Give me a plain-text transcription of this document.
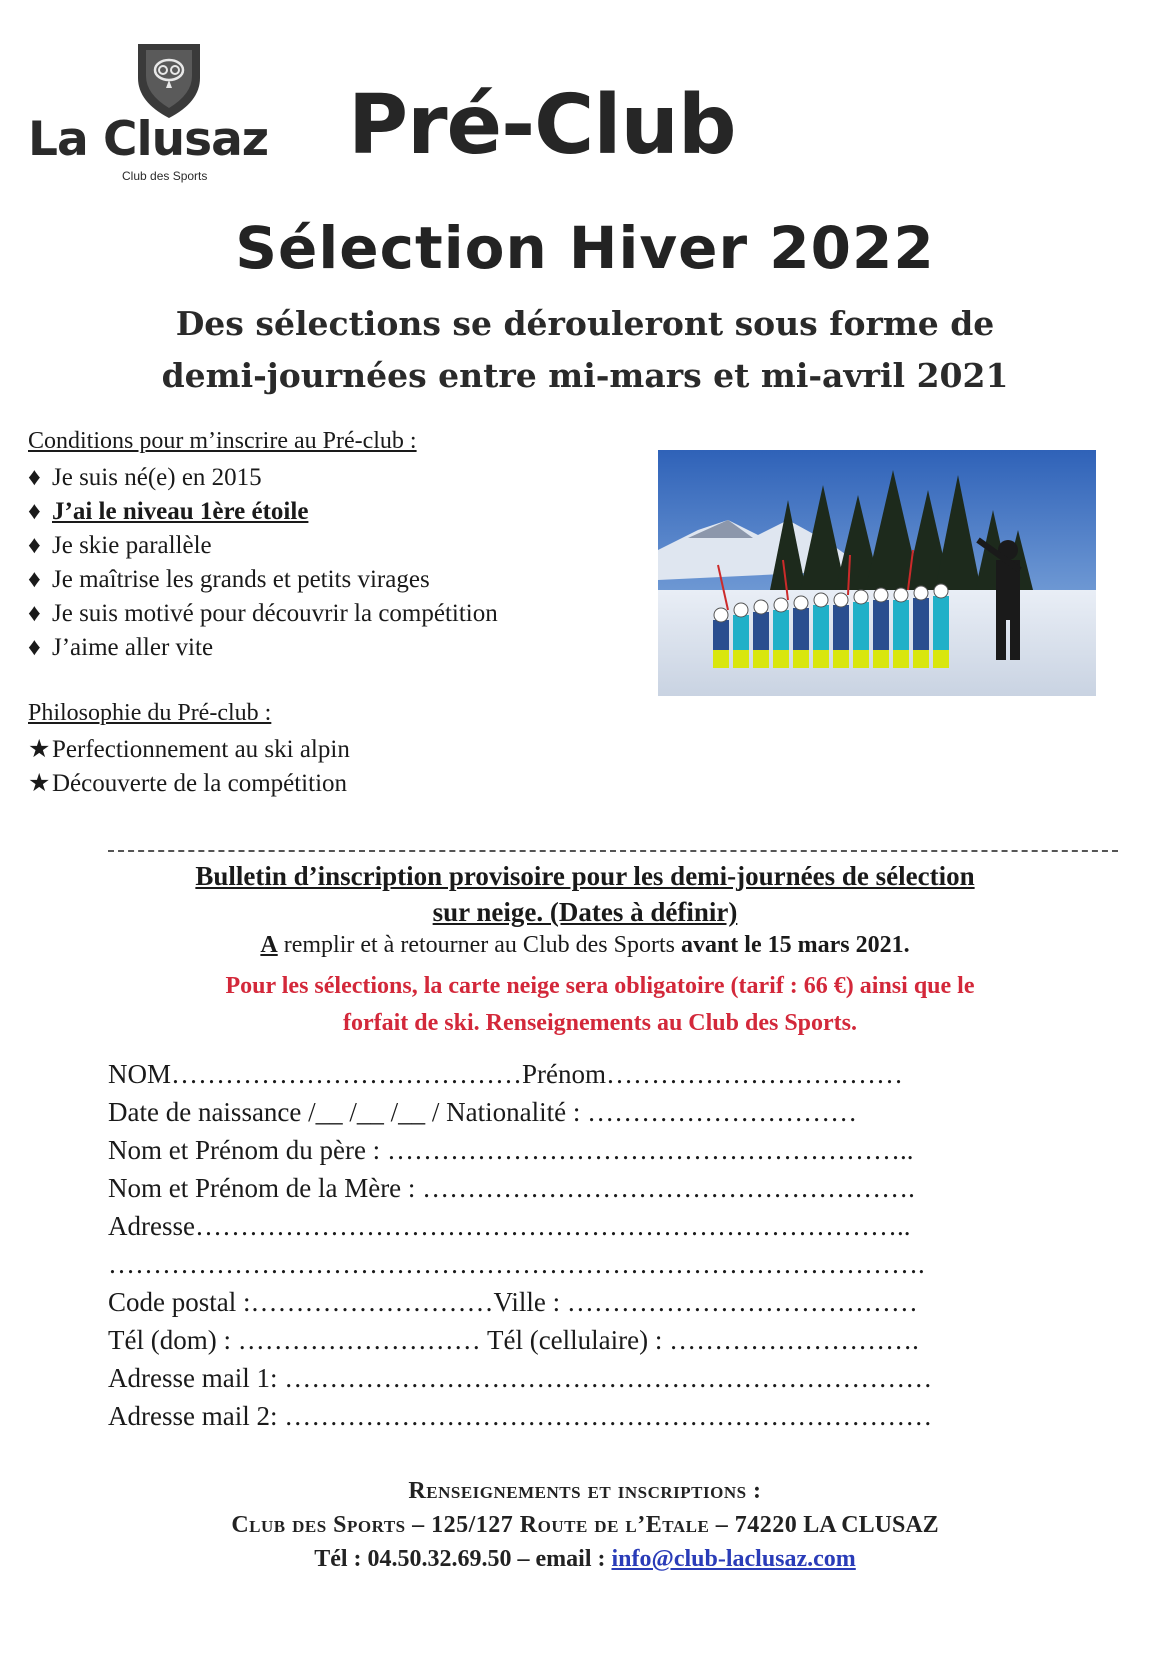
La Clusaz
Club des Sports
Pré-Club
Sélection Hiver 2022
Des sélections se dérouleront sous forme de
demi-journées entre mi-mars et mi-avril 2021
Conditions pour m’inscrire au Pré-club :
♦ Je suis né(e) en 2015
♦ J’ai le niveau 1ère étoile
♦ Je skie parallèle
♦ Je maîtrise les grands et petits virages
♦ Je suis motivé pour découvrir la compétition
♦ J’aime aller vite
Philosophie du Pré-club :
★Perfectionnement au ski alpin
★Découverte de la compétition
Bulletin d’inscription provisoire pour les demi-journées de sélection
sur neige. (Dates à définir)
A remplir et à retourner au Club des Sports avant le 15 mars 2021.
Pour les sélections, la carte neige sera obligatoire (tarif : 66 €) ainsi que le
forfait de ski. Renseignements au Club des Sports.
NOM…………………………………Prénom……………………………
Date de naissance /__ /__ /__ / Nationalité : …………………………
Nom et Prénom du père : …………………………………………………..
Nom et Prénom de la Mère : ……………………………………………….
Adresse……………………………………………………………………..
……………………………………………………………………………….
Code postal :………………………Ville : …………………………………
Tél (dom) : ……………………… Tél (cellulaire) : ……………………….
Adresse mail 1: ………………………………………………………………
Adresse mail 2: ………………………………………………………………
Renseignements et inscriptions :
Club des Sports – 125/127 Route de l’Etale – 74220 LA CLUSAZ
Tél : 04.50.32.69.50 – email : info@club-laclusaz.com
